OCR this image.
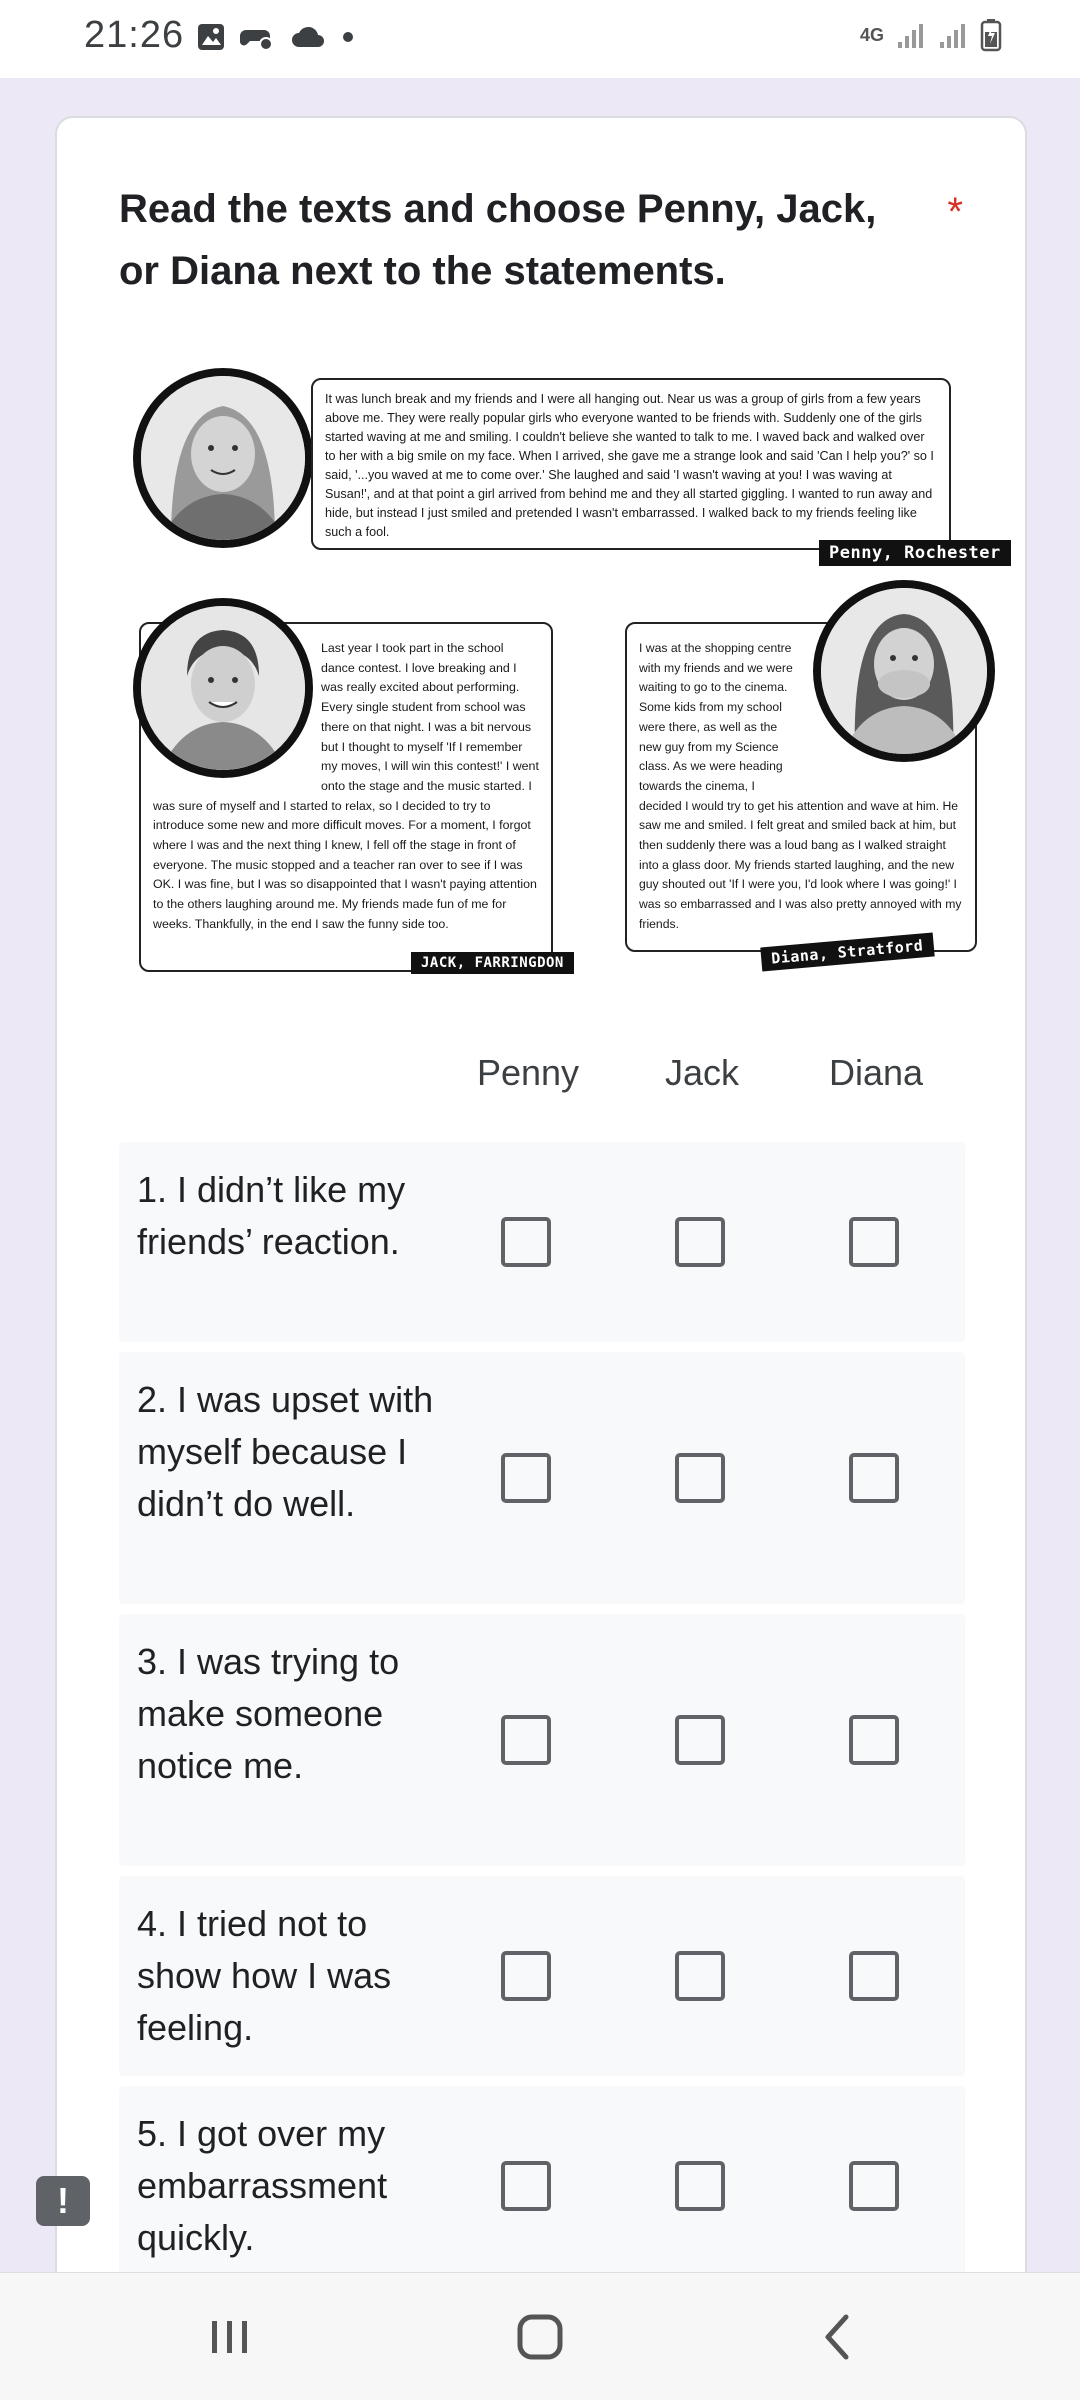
21:26	4G
Read the texts and choose Penny, Jack, or Diana next to the statements.
*
It was lunch break and my friends and I were all hanging out. Near us was a group of girls from a few years above me. They were really popular girls who everyone wanted to be friends with. Suddenly one of the girls started waving at me and smiling. I couldn't believe she wanted to talk to me. I waved back and walked over to her with a big smile on my face. When I arrived, she gave me a strange look and said 'Can I help you?' so I said, '...you waved at me to come over.' She laughed and said 'I wasn't waving at you! I was waving at Susan!', and at that point a girl arrived from behind me and they all started giggling. I wanted to run away and hide, but instead I just smiled and pretended I wasn't embarrassed. I walked back to my friends feeling like such a fool.
Penny, Rochester
Last year I took part in the school dance contest. I love breaking and I was really excited about performing. Every single student from school was there on that night. I was a bit nervous but I thought to myself 'If I remember my moves, I will win this contest!' I went onto the stage and the music started. I was sure of myself and I started to relax, so I decided to try to introduce some new and more difficult moves. For a moment, I forgot where I was and the next thing I knew, I fell off the stage in front of everyone. The music stopped and a teacher ran over to see if I was OK. I was fine, but I was so disappointed that I wasn't paying attention to the others laughing around me. My friends made fun of me for weeks. Thankfully, in the end I saw the funny side too.
JACK, FARRINGDON
I was at the shopping centre with my friends and we were waiting to go to the cinema. Some kids from my school were there, as well as the new guy from my Science class. As we were heading towards the cinema, I decided I would try to get his attention and wave at him. He saw me and smiled. I felt great and smiled back at him, but then suddenly there was a loud bang as I walked straight into a glass door. My friends started laughing, and the new guy shouted out 'If I were you, I'd look where I was going!' I was so embarrassed and I was also pretty annoyed with my friends.
Diana, Stratford
Penny	Jack	Diana
1. I didn’t like my friends’ reaction.
2. I was upset with myself because I didn’t do well.
3. I was trying to make someone notice me.
4. I tried not to show how I was feeling.
5. I got over my embarrassment quickly.
!
